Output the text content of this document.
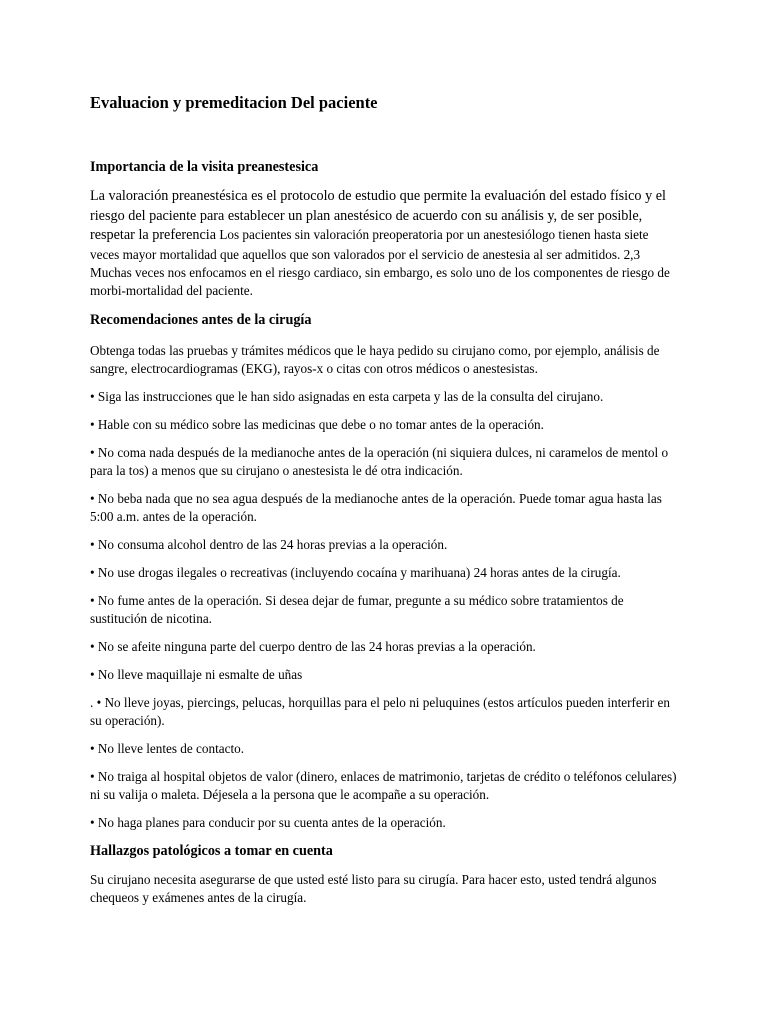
Evaluacion y premeditacion Del paciente
Importancia de la visita preanestesica

La valoración preanestésica es el protocolo de estudio que permite la evaluación del estado físico y el riesgo del paciente para establecer un plan anestésico de acuerdo con su análisis y, de ser posible, respetar la preferencia Los pacientes sin valoración preoperatoria por un anestesiólogo tienen hasta siete veces mayor mortalidad que aquellos que son valorados por el servicio de anestesia al ser admitidos. 2,3 Muchas veces nos enfocamos en el riesgo cardiaco, sin embargo, es solo uno de los componentes de riesgo de morbi-mortalidad del paciente.

Recomendaciones antes de la cirugía

Obtenga todas las pruebas y trámites médicos que le haya pedido su cirujano como, por ejemplo, análisis de sangre, electrocardiogramas (EKG), rayos-x o citas con otros médicos o anestesistas.

• Siga las instrucciones que le han sido asignadas en esta carpeta y las de la consulta del cirujano.

• Hable con su médico sobre las medicinas que debe o no tomar antes de la operación.

• No coma nada después de la medianoche antes de la operación (ni siquiera dulces, ni caramelos de mentol o para la tos) a menos que su cirujano o anestesista le dé otra indicación.

• No beba nada que no sea agua después de la medianoche antes de la operación. Puede tomar agua hasta las 5:00 a.m. antes de la operación.

• No consuma alcohol dentro de las 24 horas previas a la operación.

• No use drogas ilegales o recreativas (incluyendo cocaína y marihuana) 24 horas antes de la cirugía.

• No fume antes de la operación. Si desea dejar de fumar, pregunte a su médico sobre tratamientos de sustitución de nicotina.

• No se afeite ninguna parte del cuerpo dentro de las 24 horas previas a la operación.

• No lleve maquillaje ni esmalte de uñas

. • No lleve joyas, piercings, pelucas, horquillas para el pelo ni peluquines (estos artículos pueden interferir en su operación).

• No lleve lentes de contacto.

• No traiga al hospital objetos de valor (dinero, enlaces de matrimonio, tarjetas de crédito o teléfonos celulares) ni su valija o maleta. Déjesela a la persona que le acompañe a su operación.

• No haga planes para conducir por su cuenta antes de la operación.

Hallazgos patológicos a tomar en cuenta

Su cirujano necesita asegurarse de que usted esté listo para su cirugía. Para hacer esto, usted tendrá algunos chequeos y exámenes antes de la cirugía.
